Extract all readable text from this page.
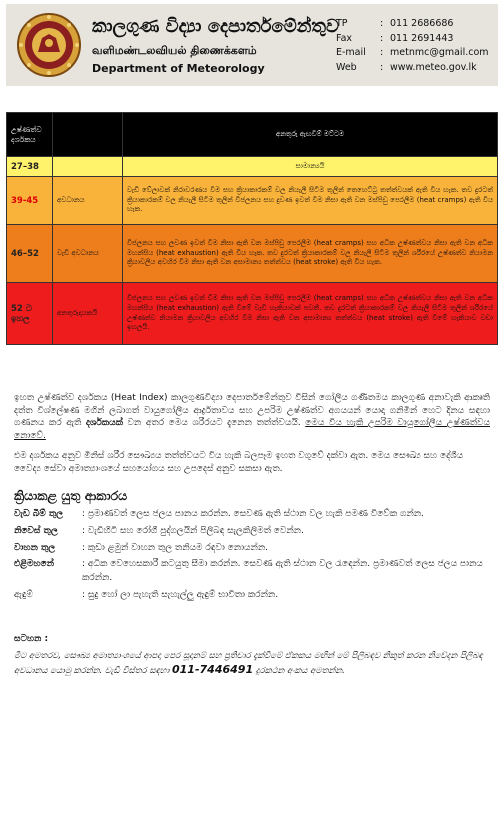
කාලගුණ විද්‍යා දෙපාර්තමේන්තුව
வளிமண்டலவியல் திணைக்களம்
Department of Meteorology
TP	: 011 2686686
Fax	: 011 2691443
E-mail	: metnmc@gmail.com
Web	: www.meteo.gov.lk
උෂ්ණත්ව දර්ශකය		අනතුරු ඇඟවීම් මට්ටම
27–38		සාමාන්‍යයි
39-45	අවධානය	වැඩි වේලාවක් නිරාවරණය වීම සහ ක්‍රියාකාරකම් වල නියැලී සිටීම තුලින් තෙහෙට්ටු තත්ත්වයක් ඇති විය හැක. තව දුරටත් ක්‍රියාකාරකම් වල නියැලී සිටීම තුලින් විජලනය සහ දුවණ ඉවත් වීම නිසා ඇති වන මස්පිඩු පෙරලීම (heat cramps) ඇති විය හැක.
46–52	වැඩි අවධානය	විජලනය සහ ලවණ ඉවත් වීම නිසා ඇති වන මස්පිඩු පෙරලීම (heat cramps) සහ අධික උෂ්ණත්වය නිසා ඇති වන අධික මහන්සිය (heat exhaustion) ඇති විය හැක. තව දුරටත් ක්‍රියාකාරකම් වල නියැලී සිටීම තුලින් ශරීරයේ උෂ්ණත්ව නියාමන ක්‍රියාවලිය අවහිර වීම නිසා ඇති වන අසාමාන්‍ය තත්ත්වය (heat stroke) ඇති විය හැක.
52 ට ඉහල	අනතුරුදායකයි	විජලනය සහ ලවණ ඉවත් වීම නිසා ඇති වන මස්පිඩු පෙරලීම (heat cramps) සහ අධික උෂ්ණත්වය නිසා ඇති වන අධික මහන්සිය (heat exhaustion) ඇති වීමේ වැඩි හැකියාවක් පවතී. තව දුරටත් ක්‍රියාකාරකම් වල නියැලී සිටීම තුලින් ශරීරයේ උෂ්ණත්ව නියාමන ක්‍රියාවලිය අවහිර වීම නිසා ඇති වන අසාමාන්‍ය තත්ත්වය (heat stroke) ඇති වීමේ හැකියාව වඩා ඉහලයි.
ඉහත උෂ්ණත්ව දර්ශකය (Heat Index) කාලගුණවිද්‍යා දෙපාර්තමේන්තුව විසින් ගෝලීය ගණිතමය කාලගුණ අනාවැකි ආකෘති දත්ත විශ්ලේෂණ මගින් ලබාගත් වායුගෝලීය ආර්ද්‍රතාවය සහ උපරිම උෂ්ණත්ව අගයයන් යොදා ගනිමින් හෙට දිනය සඳහා ගණනය කර ඇති දර්ශකයක් වන අතර මෙය ශරීරයට දැනෙන තත්ත්වයයි. මෙය විය හැකි උපරිම වායුගෝලීය උෂ්ණත්වය නොවේ.
එම දර්ශකය අනුව මිනිස් ශරීර සෞඛ්‍යය තත්ත්වයට විය හැකි බලපෑම ඉහත වගුවේ දක්වා ඇත. මෙය සෞඛ්‍ය සහ දේශීය වෛද්‍ය සේවා අමාත්‍යාංශයේ සහයෝගය සහ උපදෙස් අනුව සකසා ඇත.
ක්‍රියාකළ යුතු ආකාරය
වැඩ බිම් තුල	: ප්‍රමාණවත් ලෙස ජලය පානය කරන්න. සෙවණ ඇති ස්ථාන වල හැකි පමණ විවේක ගන්න.
නිවෙස් තුල	: වැඩිහිටි සහ රෝගී පුද්ගලයින් පිලිබඳ සැලකිලිමත් වෙන්න.
වාහන තුල	: කුඩා ළමුන් වාහන තුල තනියම රඳවා නොයන්න.
එළිමහනේ	: අධික වෙහෙසකාරී කටයුතු සීමා කරන්න. සෙවණ ඇති ස්ථාන වල රැඳෙන්න. ප්‍රමාණවත් ලෙස ජලය පානය කරන්න.
ඇඳුම්	: සුදු හෝ ලා පැහැති සැහැල්ලු ඇඳුම් භාවිතා කරන්න.
සටහන :
මීට අමතරව, සෞඛ්‍ය අමාත්‍යාංශයේ ආපදා පෙර සූදානම් සහ ප්‍රතිචාර දැක්වීමේ ඒකකය මඟින් මේ පිලිබඳව නිකුත් කරන නිවේදන පිලිබඳ අවධානය යොමු කරන්න. වැඩි විස්තර සඳහා 011-7446491 දුරකථන අංකය අමතන්න.
